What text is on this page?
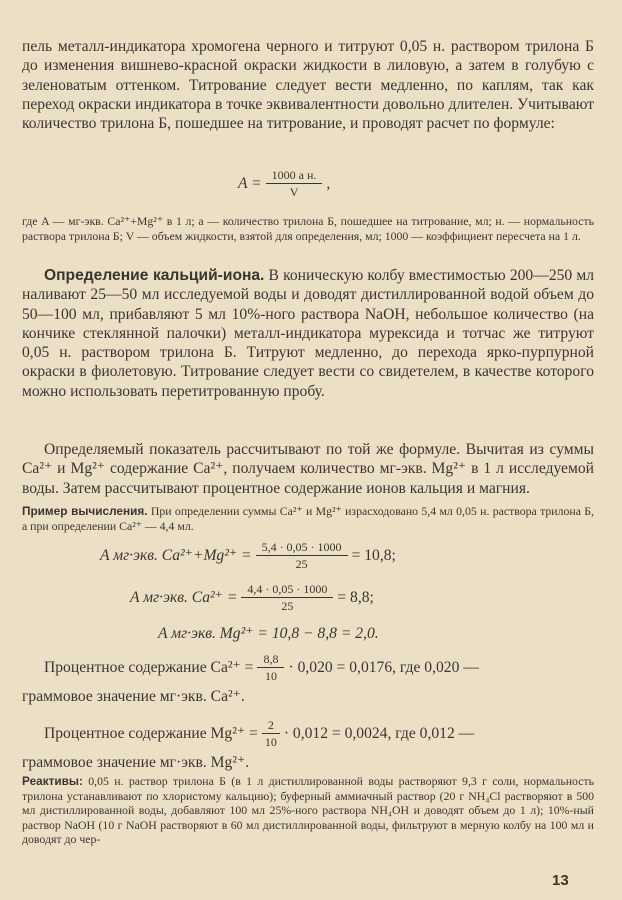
пель металл-индикатора хромогена черного и титруют 0,05 н. раствором трилона Б до изменения вишнево-красной окраски жидкости в лиловую, а затем в голубую с зеленоватым оттенком. Титрование следует вести медленно, по каплям, так как переход окраски индикатора в точке эквивалентности довольно длителен. Учитывают количество трилона Б, пошедшее на титрование, и проводят расчет по формуле:

$A = \frac{\text{1000 a н.}}{V}$ ,

где A — мг-экв. Ca²⁺+Mg²⁺ в 1 л; a — количество трилона Б, пошедшее на титрование, мл; н. — нормальность раствора трилона Б; V — объем жидкости, взятой для определения, мл; 1000 — коэффициент пересчета на 1 л.

Определение кальций-иона. В коническую колбу вместимостью 200—250 мл наливают 25—50 мл исследуемой воды и доводят дистиллированной водой объем до 50—100 мл, прибавляют 5 мл 10%-ного раствора NaOH, небольшое количество (на кончике стеклянной палочки) металл-индикатора мурексида и тотчас же титруют 0,05 н. раствором трилона Б. Титруют медленно, до перехода ярко-пурпурной окраски в фиолетовую. Титрование следует вести со свидетелем, в качестве которого можно использовать перетитрованную пробу.

Определяемый показатель рассчитывают по той же формуле. Вычитая из суммы Ca²⁺ и Mg²⁺ содержание Ca²⁺, получаем количество мг-экв. Mg²⁺ в 1 л исследуемой воды. Затем рассчитывают процентное содержание ионов кальция и магния.

Пример вычисления. При определении суммы Ca²⁺ и Mg²⁺ израсходовано 5,4 мл 0,05 н. раствора трилона Б, а при определении Ca²⁺ — 4,4 мл.

A мг·экв. $Ca^{2+}+Mg^{2+} = \frac{5,4 \cdot 0,05 \cdot 1000}{25} = 10,8$;
A мг·экв. $Ca^{2+} = \frac{4,4 \cdot 0,05 \cdot 1000}{25} = 8,8$;
A мг·экв. Mg²⁺ = 10,8 − 8,8 = 2,0.
Процентное содержание $Ca^{2+} = \frac{8,8}{10} \cdot 0,020 = 0,0176$, где 0,020 —
граммовое значение мг·экв. Ca²⁺.
Процентное содержание $Mg^{2+} = \frac{2}{10} \cdot 0,012 = 0,0024$, где 0,012 —
граммовое значение мг·экв. Mg²⁺.

Реактивы: 0,05 н. раствор трилона Б (в 1 л дистиллированной воды растворяют 9,3 г соли, нормальность трилона устанавливают по хлористому кальцию); буферный аммиачный раствор (20 г NH₄Cl растворяют в 500 мл дистиллированной воды, добавляют 100 мл 25%-ного раствора NH₄OH и доводят объем до 1 л); 10%-ный раствор NaOH (10 г NaOH растворяют в 60 мл дистиллированной воды, фильтруют в мерную колбу на 100 мл и доводят до чер-

13
